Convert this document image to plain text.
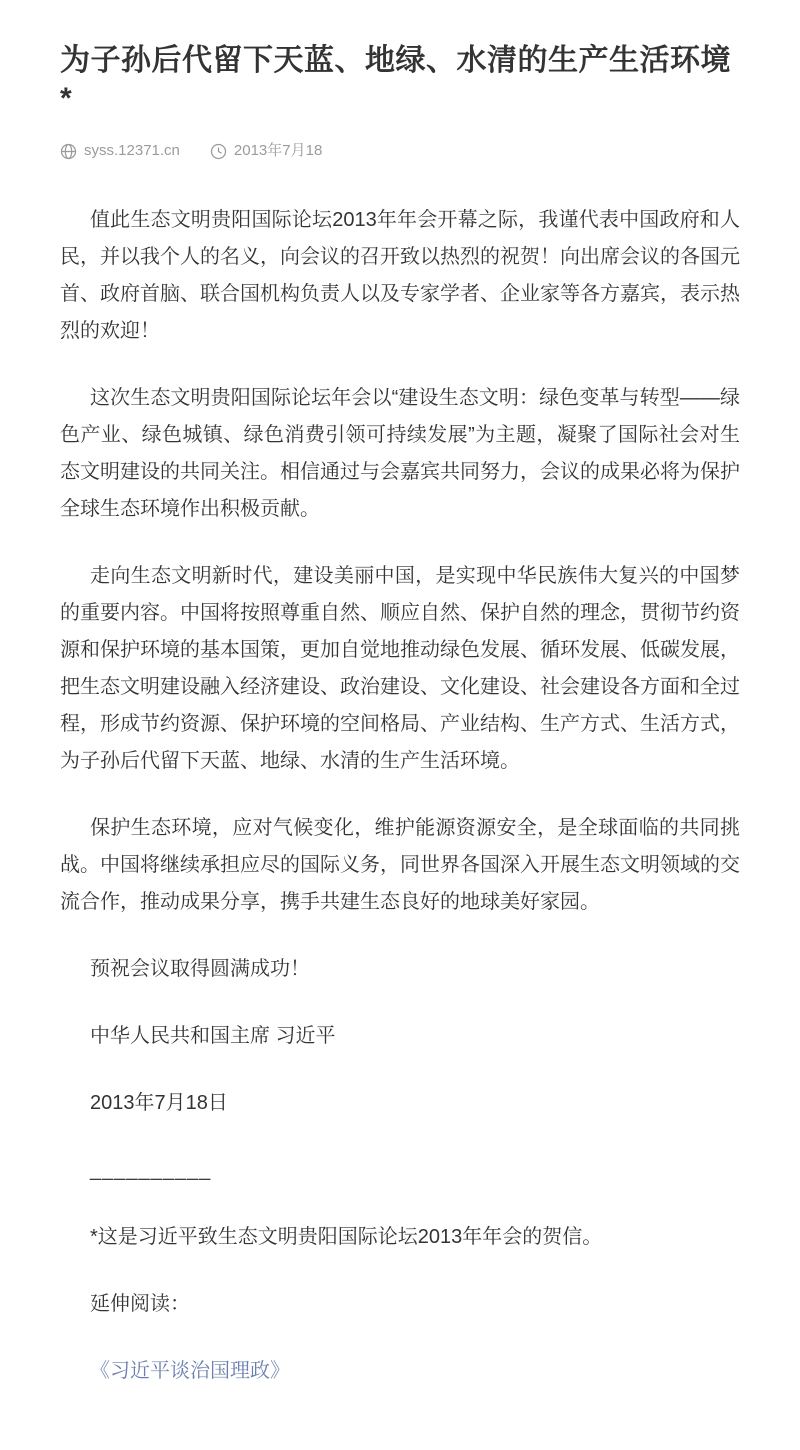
为子孙后代留下天蓝、地绿、水清的生产生活环境*
syss.12371.cn	2013年7月18

值此生态文明贵阳国际论坛2013年年会开幕之际，我谨代表中国政府和人民，并以我个人的名义，向会议的召开致以热烈的祝贺！向出席会议的各国元首、政府首脑、联合国机构负责人以及专家学者、企业家等各方嘉宾，表示热烈的欢迎！

这次生态文明贵阳国际论坛年会以“建设生态文明：绿色变革与转型——绿色产业、绿色城镇、绿色消费引领可持续发展”为主题，凝聚了国际社会对生态文明建设的共同关注。相信通过与会嘉宾共同努力，会议的成果必将为保护全球生态环境作出积极贡献。

走向生态文明新时代，建设美丽中国，是实现中华民族伟大复兴的中国梦的重要内容。中国将按照尊重自然、顺应自然、保护自然的理念，贯彻节约资源和保护环境的基本国策，更加自觉地推动绿色发展、循环发展、低碳发展，把生态文明建设融入经济建设、政治建设、文化建设、社会建设各方面和全过程，形成节约资源、保护环境的空间格局、产业结构、生产方式、生活方式，为子孙后代留下天蓝、地绿、水清的生产生活环境。

保护生态环境，应对气候变化，维护能源资源安全，是全球面临的共同挑战。中国将继续承担应尽的国际义务，同世界各国深入开展生态文明领域的交流合作，推动成果分享，携手共建生态良好的地球美好家园。

预祝会议取得圆满成功！

中华人民共和国主席 习近平

2013年7月18日

__________

*这是习近平致生态文明贵阳国际论坛2013年年会的贺信。

延伸阅读：

《习近平谈治国理政》
